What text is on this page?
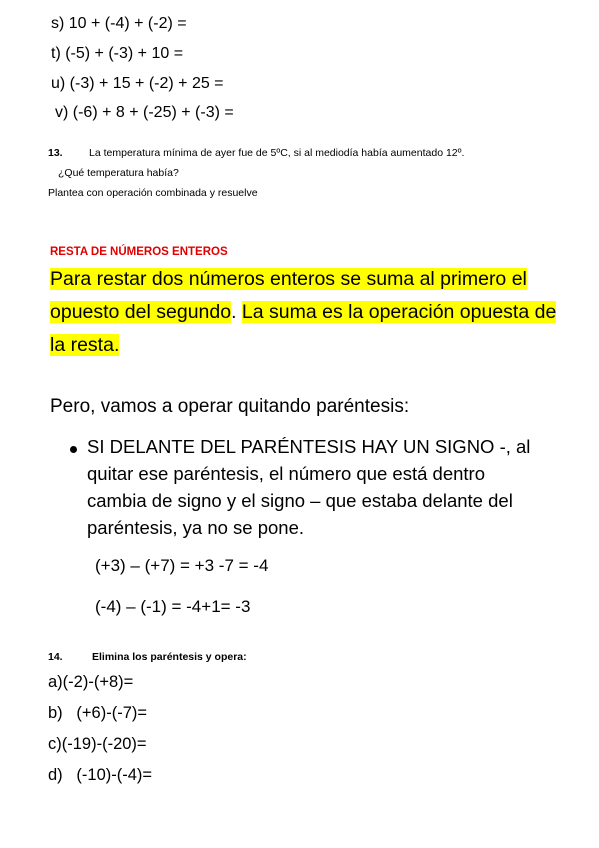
s) 10 + (-4) + (-2) =
t) (-5) + (-3) + 10 =
u) (-3) + 15 + (-2) + 25 =
v) (-6) + 8 + (-25) + (-3) =
13.	La temperatura mínima de ayer fue de 5ºC, si al mediodía había aumentado 12º.
¿Qué temperatura había?
Plantea con operación combinada y resuelve
RESTA DE NÚMEROS ENTEROS
Para restar dos números enteros se suma al primero el
opuesto del segundo. La suma es la operación opuesta de
la resta.
Pero, vamos a operar quitando paréntesis:
SI DELANTE DEL PARÉNTESIS HAY UN SIGNO -, al
quitar ese paréntesis, el número que está dentro
cambia de signo y el signo – que estaba delante del
paréntesis, ya no se pone.
(+3) – (+7) = +3 -7 = -4
(-4) – (-1) = -4+1= -3
14.	Elimina los paréntesis y opera:
a)(-2)-(+8)=
b)   (+6)-(-7)=
c)(-19)-(-20)=
d)   (-10)-(-4)=
